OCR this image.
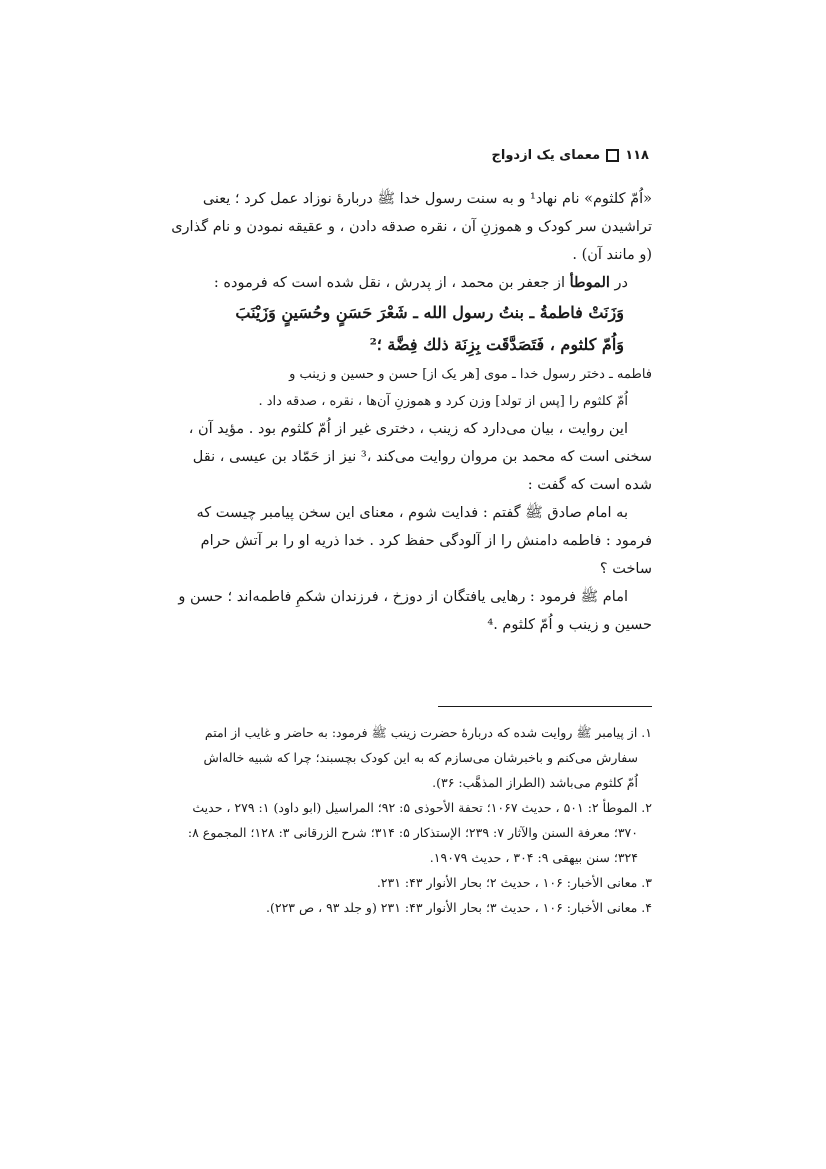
۱۱۸
معمای یک ازدواج

«اُمّ کلثوم» نام نهاد¹ و به سنت رسول خدا ﷺ دربارهٔ نوزاد عمل کرد ؛ یعنی
تراشیدن سر کودک و هموزنِ آن ، نقره صدقه دادن ، و عقیقه نمودن و نام گذاری
(و مانند آن) .

در الموطأ از جعفر بن محمد ، از پدرش ، نقل شده است که فرموده :

وَزَنَتْ فاطمةُ ـ بنتُ رسول الله ـ شَعْرَ حَسَنٍ وحُسَينٍ وَزَيْنَبَ
وَاُمّ كلثوم ، فَتَصَدَّقَت بِزِنَة ذلك فِضَّة ؛²

فاطمه ـ دختر رسول خدا ـ موی [هر یک از] حسن و حسین و زینب و
اُمّ کلثوم را [پس از تولد] وزن کرد و هموزنِ آن‌ها ، نقره ، صدقه داد .

این روایت ، بیان می‌دارد که زینب ، دختری غیر از اُمّ کلثوم بود . مؤید آن ،
سخنی است که محمد بن مروان روایت می‌کند ،³ نیز از حَمّاد بن عیسی ، نقل
شده است که گفت :

به امام صادق ﷺ گفتم : فدایت شوم ، معنای این سخن پیامبر چیست که
فرمود : فاطمه دامنش را از آلودگی حفظ کرد . خدا ذریه او را بر آتش حرام
ساخت ؟

امام ﷺ فرمود : رهایی یافتگان از دوزخ ، فرزندان شکمِ فاطمه‌اند ؛ حسن و
حسین و زینب و اُمّ کلثوم .⁴

۱. از پیامبر ﷺ روایت شده که دربارهٔ حضرت زینب ﷺ فرمود: به حاضر و غایب از امتم
سفارش می‌کنم و باخبرشان می‌سازم که به این کودک بچسبند؛ چرا که شبیه خاله‌اش
اُمّ کلثوم می‌باشد (الطراز المذهَّب: ۳۶).

۲. الموطأ ۲: ۵۰۱ ، حدیث ۱۰۶۷؛ تحفة الأحوذی ۵: ۹۲؛ المراسیل (ابو داود) ۱: ۲۷۹ ، حدیث
۳۷۰؛ معرفة السنن والآثار ۷: ۲۳۹؛ الإستذکار ۵: ۳۱۴؛ شرح الزرقانی ۳: ۱۲۸؛ المجموع ۸:
۳۲۴؛ سنن بیهقی ۹: ۳۰۴ ، حدیث ۱۹۰۷۹.

۳. معانی الأخبار: ۱۰۶ ، حدیث ۲؛ بحار الأنوار ۴۳: ۲۳۱.

۴. معانی الأخبار: ۱۰۶ ، حدیث ۳؛ بحار الأنوار ۴۳: ۲۳۱ (و جلد ۹۳ ، ص ۲۲۳).
